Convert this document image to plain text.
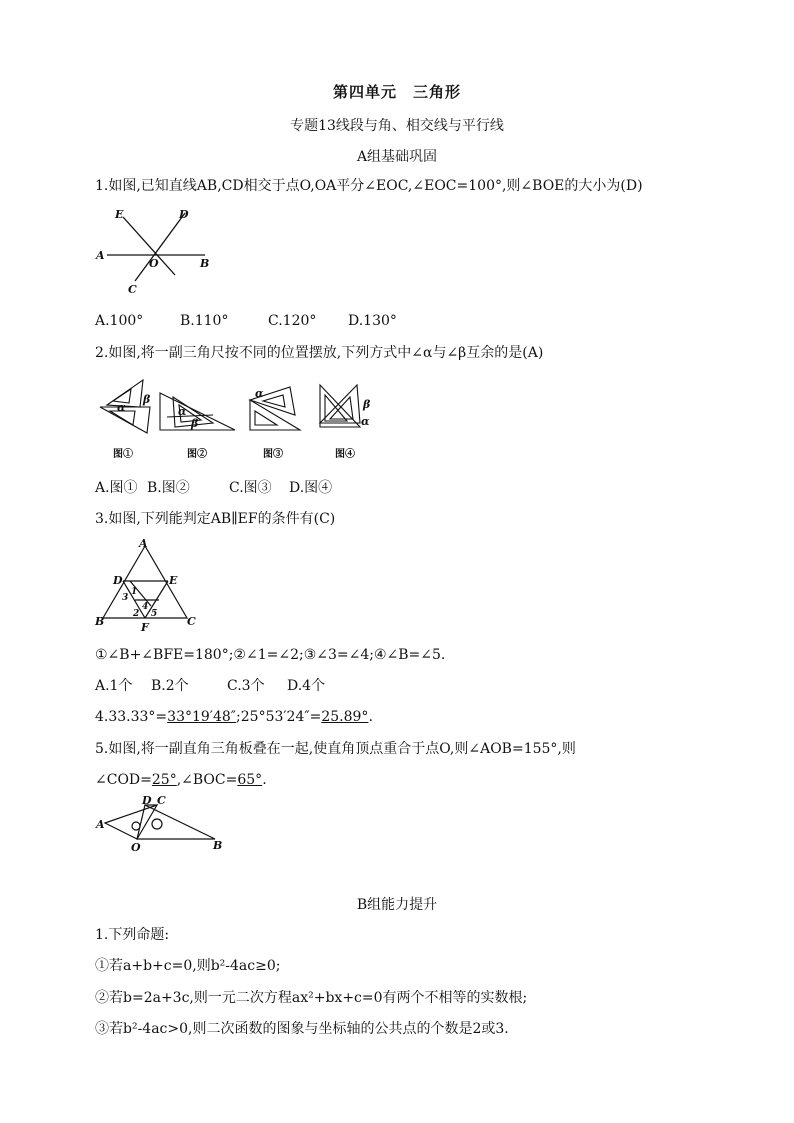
第四单元　三角形
专题13线段与角、相交线与平行线
A组基础巩固
1.如图,已知直线AB,CD相交于点O,OA平分∠EOC,∠EOC=100°,则∠BOE的大小为(D)
E	D
A
O	B
C
A.100°	B.110°	C.120° D.130°
2.如图,将一副三角尺按不同的位置摆放,下列方式中∠α与∠β互余的是(A)
α
β
α
β
α
β
α
图①	图②	图③	图④
A.图① B.图②	C.图③ D.图④
3.如图,下列能判定AB∥EF的条件有(C)
A
D	E
1
3
4
2 5
B	F	C
①∠B+∠BFE=180°;②∠1=∠2;③∠3=∠4;④∠B=∠5.
A.1个 B.2个	C.3个 D.4个
4.33.33°=33°19′48″;25°53′24″=25.89°.
5.如图,将一副直角三角板叠在一起,使直角顶点重合于点O,则∠AOB=155°,则
∠COD=25°,∠BOC=65°.
D C
A
O	B
B组能力提升
1.下列命题:
①若a+b+c=0,则b²-4ac≥0;
②若b=2a+3c,则一元二次方程ax²+bx+c=0有两个不相等的实数根;
③若b²-4ac>0,则二次函数的图象与坐标轴的公共点的个数是2或3.
